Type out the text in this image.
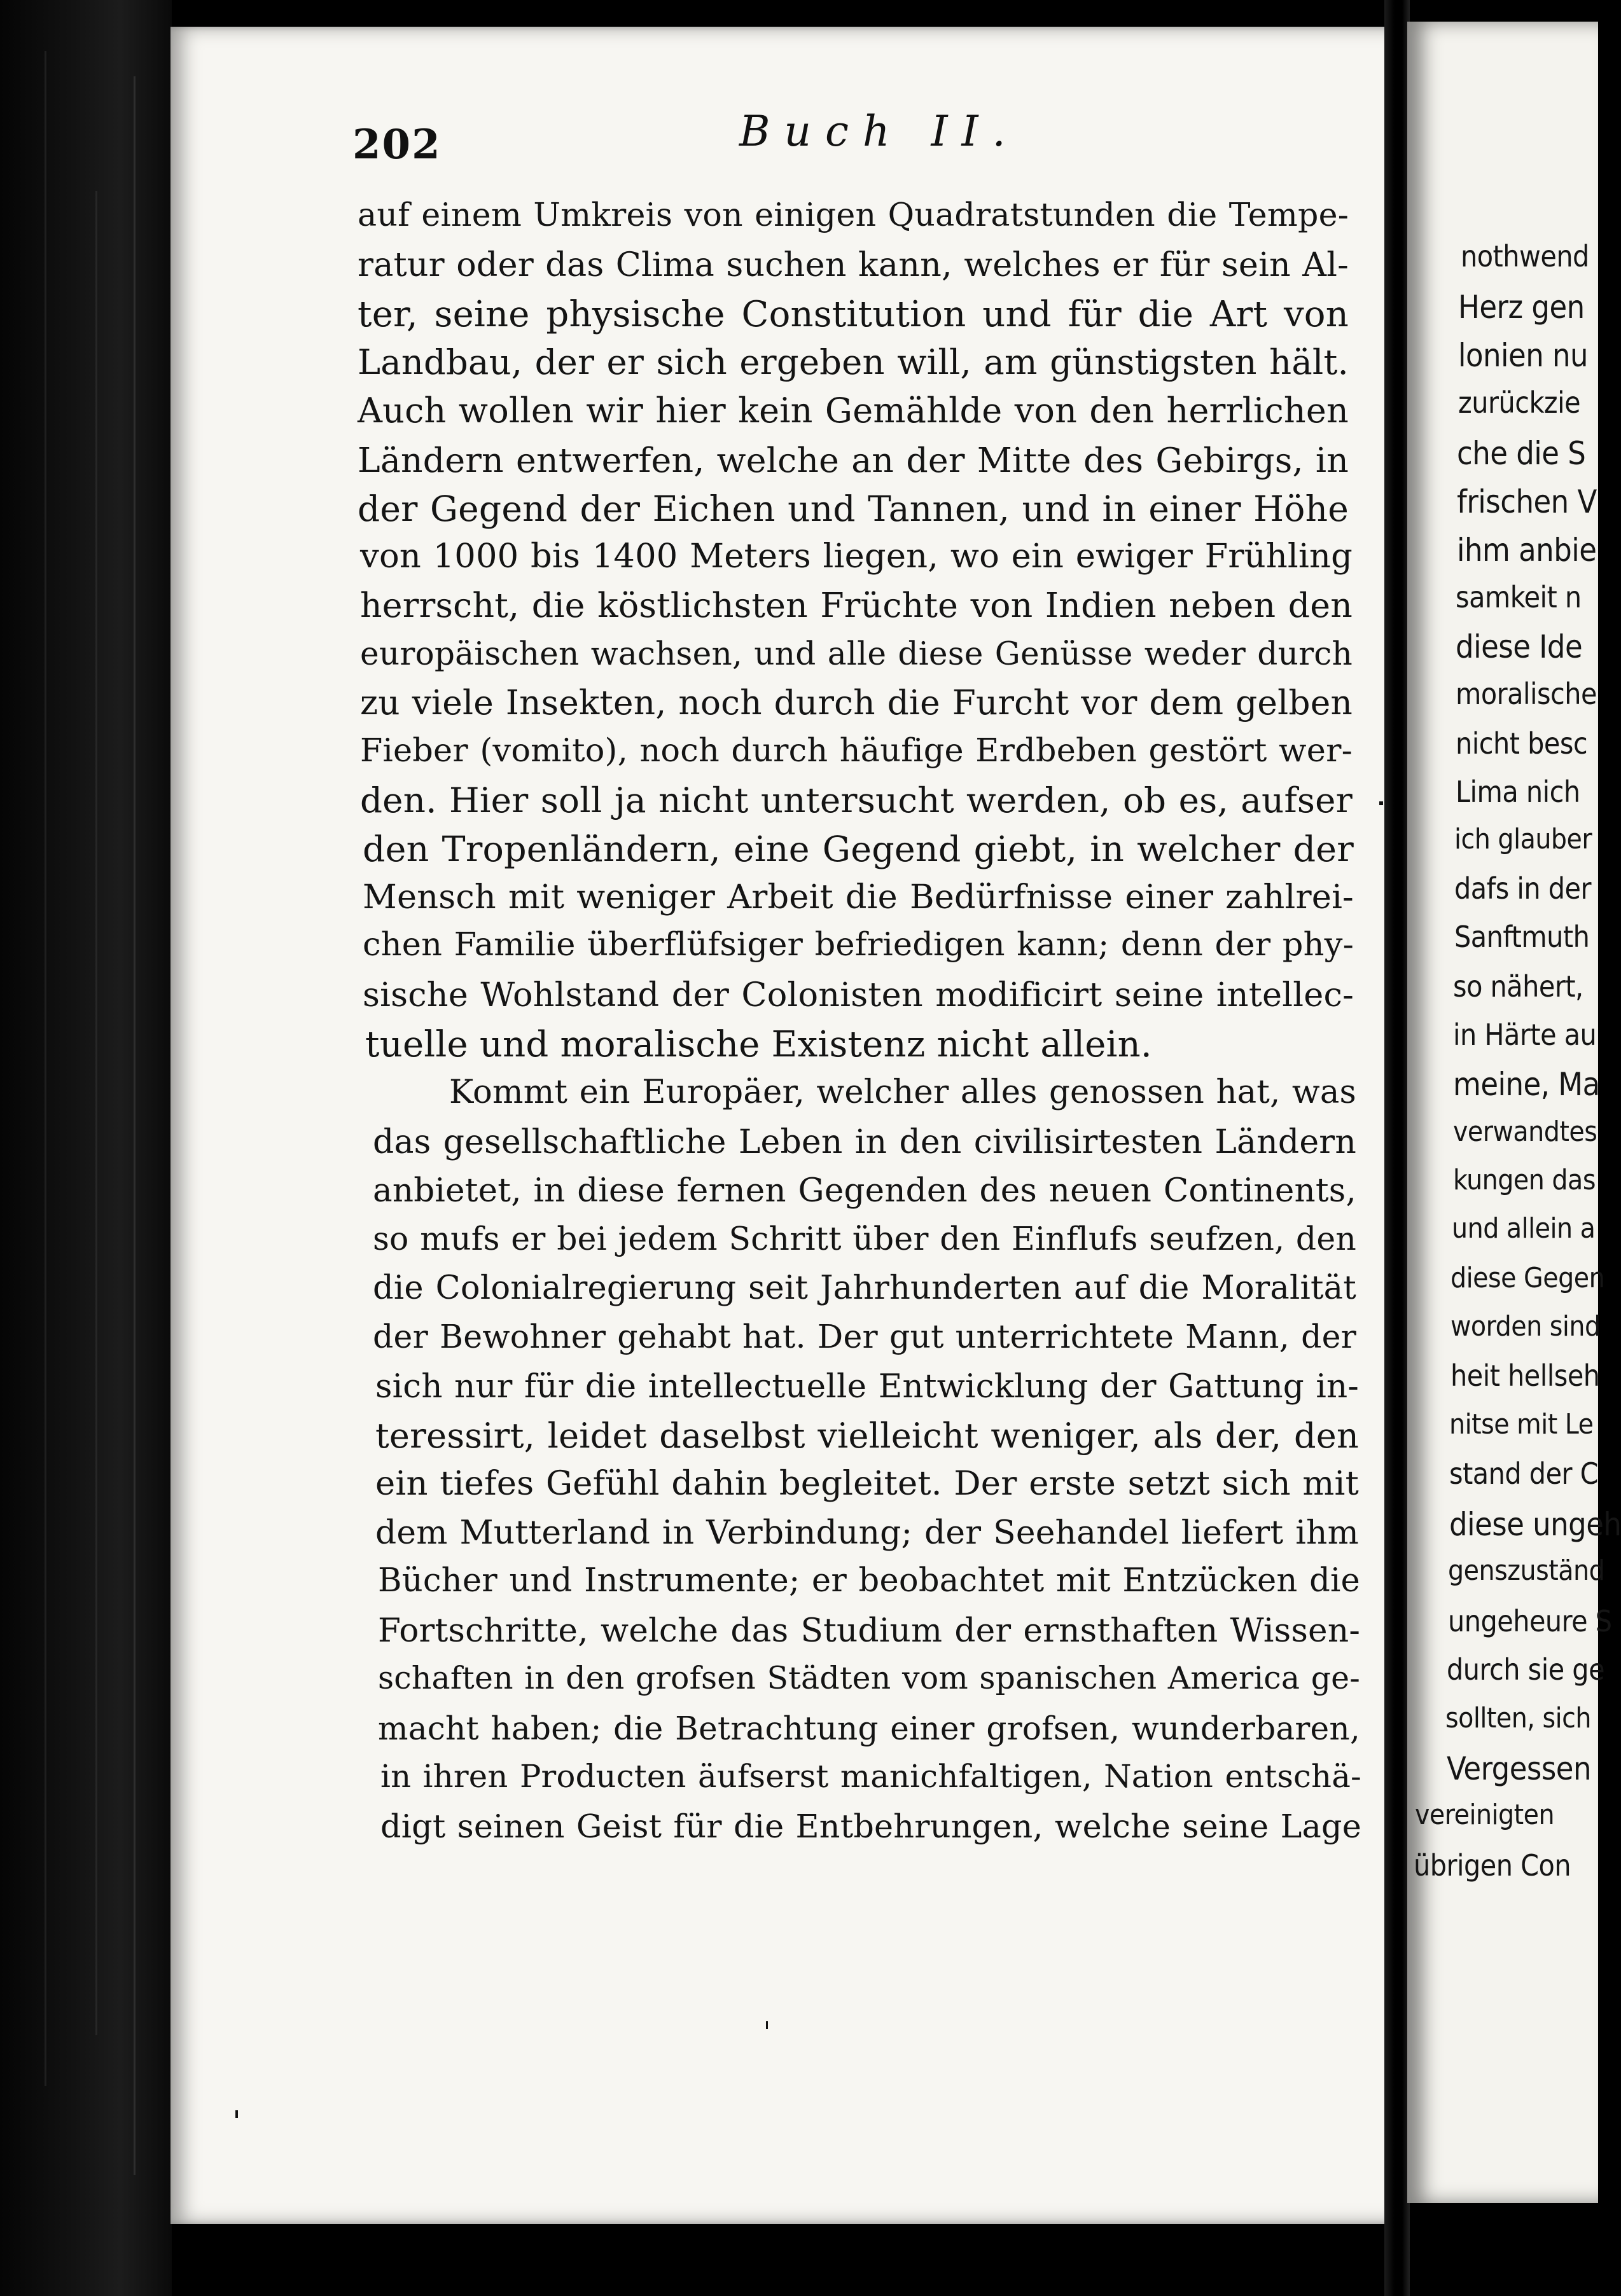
202	Buch II.
auf einem Umkreis von einigen Quadratstunden die Tempe-
ratur oder das Clima suchen kann, welches er für sein Al-
ter, seine physische Constitution und für die Art von
Landbau, der er sich ergeben will, am günstigsten hält.
Auch wollen wir hier kein Gemählde von den herrlichen
Ländern entwerfen, welche an der Mitte des Gebirgs, in
der Gegend der Eichen und Tannen, und in einer Höhe
von 1000 bis 1400 Meters liegen, wo ein ewiger Frühling
herrscht, die köstlichsten Früchte von Indien neben den
europäischen wachsen, und alle diese Genüsse weder durch
zu viele Insekten, noch durch die Furcht vor dem gelben
Fieber (vomito), noch durch häufige Erdbeben gestört wer-
den. Hier soll ja nicht untersucht werden, ob es, aufser
den Tropenländern, eine Gegend giebt, in welcher der
Mensch mit weniger Arbeit die Bedürfnisse einer zahlrei-
chen Familie überflüfsiger befriedigen kann; denn der phy-
sische Wohlstand der Colonisten modificirt seine intellec-
tuelle und moralische Existenz nicht allein.
Kommt ein Europäer, welcher alles genossen hat, was
das gesellschaftliche Leben in den civilisirtesten Ländern
anbietet, in diese fernen Gegenden des neuen Continents,
so mufs er bei jedem Schritt über den Einflufs seufzen, den
die Colonialregierung seit Jahrhunderten auf die Moralität
der Bewohner gehabt hat. Der gut unterrichtete Mann, der
sich nur für die intellectuelle Entwicklung der Gattung in-
teressirt, leidet daselbst vielleicht weniger, als der, den
ein tiefes Gefühl dahin begleitet. Der erste setzt sich mit
dem Mutterland in Verbindung; der Seehandel liefert ihm
Bücher und Instrumente; er beobachtet mit Entzücken die
Fortschritte, welche das Studium der ernsthaften Wissen-
schaften in den grofsen Städten vom spanischen America ge-
macht haben; die Betrachtung einer grofsen, wunderbaren,
in ihren Producten äufserst manichfaltigen, Nation entschä-
digt seinen Geist für die Entbehrungen, welche seine Lage
nothwend
Herz gen
lonien nu
zurückzie
che die S
frischen V
ihm anbie
samkeit n
diese Ide
moralische
nicht besc
Lima nich
ich glauber
dafs in der
Sanftmuth
so nähert,
in Härte au
meine, Ma
verwandtes
kungen das
und allein a
diese Gegen
worden sind
heit hellseh
nitse mit Le
stand der C
diese ungeh
genszuständ
ungeheure S
durch sie ge
sollten, sich
Vergessen
vereinigten
übrigen Con
